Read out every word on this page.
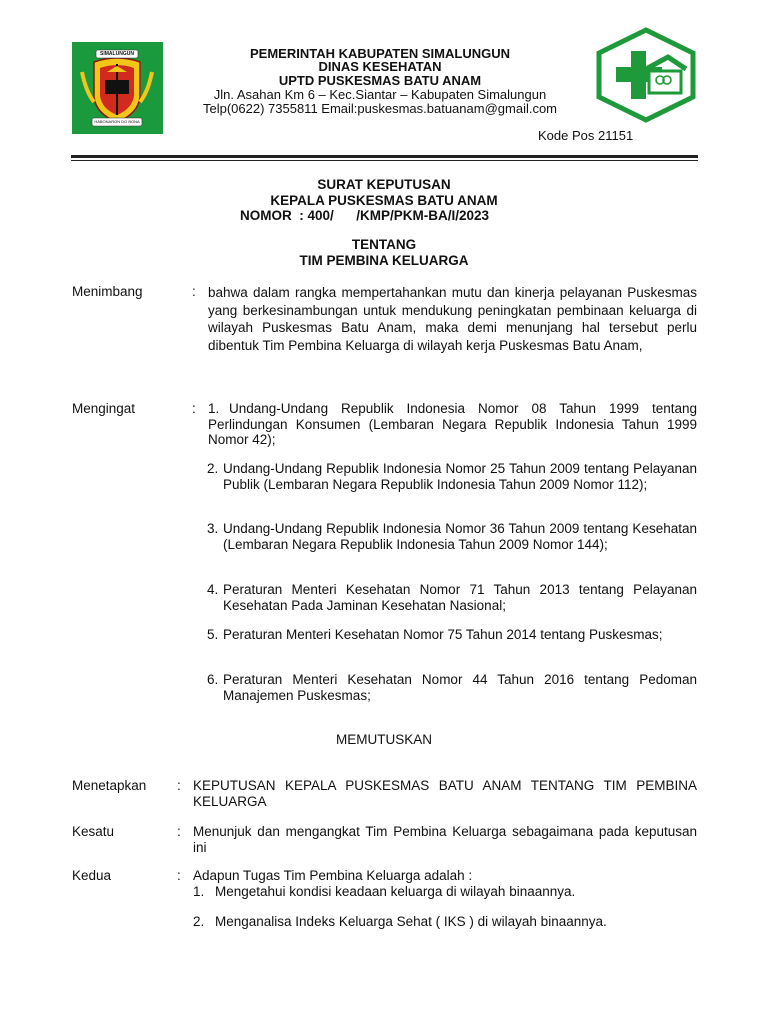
SIMALUNGUN
HABONARON DO BONA
PEMERINTAH KABUPATEN SIMALUNGUN
DINAS KESEHATAN
UPTD PUSKESMAS BATU ANAM
Jln. Asahan Km 6 – Kec.Siantar – Kabupaten Simalungun
Telp(0622) 7355811 Email:puskesmas.batuanam@gmail.com
Kode Pos 21151
SURAT KEPUTUSAN
KEPALA PUSKESMAS BATU ANAM
NOMOR  : 400/      /KMP/PKM-BA/I/2023
TENTANG
TIM PEMBINA KELUARGA
Menimbang	: bahwa dalam rangka mempertahankan mutu dan kinerja pelayanan Puskesmas yang berkesinambungan untuk mendukung peningkatan pembinaan keluarga di wilayah Puskesmas Batu Anam, maka demi menunjang hal tersebut perlu dibentuk Tim Pembina Keluarga di wilayah kerja Puskesmas Batu Anam,
Mengingat	: 1. Undang-Undang Republik Indonesia Nomor 08 Tahun 1999 tentang Perlindungan Konsumen (Lembaran Negara Republik Indonesia Tahun 1999 Nomor 42);
2. Undang-Undang Republik Indonesia Nomor 25 Tahun 2009 tentang Pelayanan Publik (Lembaran Negara Republik Indonesia Tahun 2009 Nomor 112);
3. Undang-Undang Republik Indonesia Nomor 36 Tahun 2009 tentang Kesehatan (Lembaran Negara Republik Indonesia Tahun 2009 Nomor 144);
4. Peraturan Menteri Kesehatan Nomor 71 Tahun 2013 tentang Pelayanan Kesehatan Pada Jaminan Kesehatan Nasional;
5. Peraturan Menteri Kesehatan Nomor 75 Tahun 2014 tentang Puskesmas;
6. Peraturan Menteri Kesehatan Nomor 44 Tahun 2016 tentang Pedoman Manajemen Puskesmas;
MEMUTUSKAN
Menetapkan : KEPUTUSAN KEPALA PUSKESMAS BATU ANAM TENTANG TIM PEMBINA KELUARGA
Kesatu	: Menunjuk dan mengangkat Tim Pembina Keluarga sebagaimana pada keputusan ini
Kedua	: Adapun Tugas Tim Pembina Keluarga adalah :
1. Mengetahui kondisi keadaan keluarga di wilayah binaannya.
2. Menganalisa Indeks Keluarga Sehat ( IKS ) di wilayah binaannya.
